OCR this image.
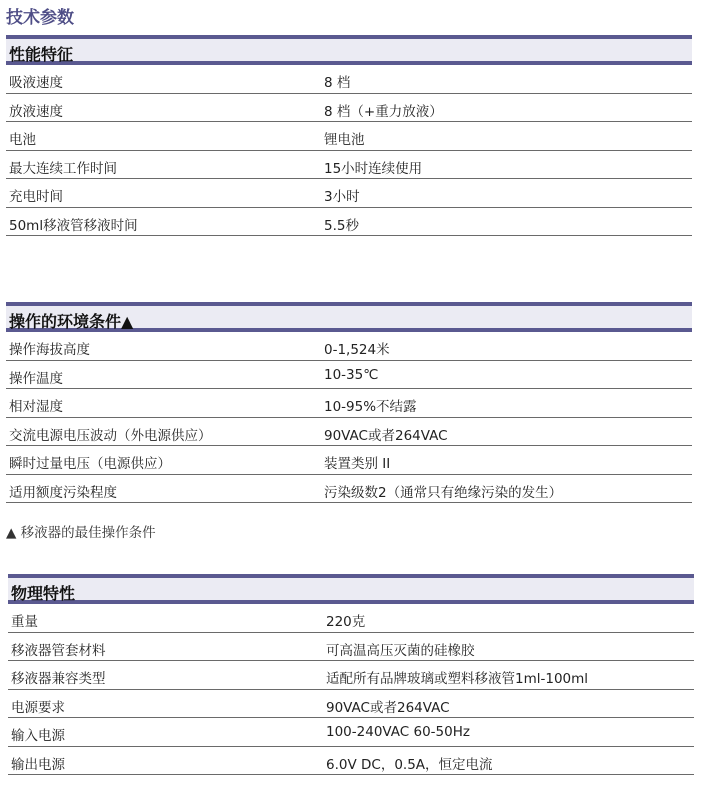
技术参数
性能特征
吸液速度	8 档
放液速度	8 档（+重力放液）
电池	锂电池
最大连续工作时间	15小时连续使用
充电时间	3小时
50ml移液管移液时间	5.5秒
操作的环境条件▲
操作海拔高度	0-1,524米
操作温度	10-35℃
相对湿度	10-95%不结露
交流电源电压波动（外电源供应）	90VAC或者264VAC
瞬时过量电压（电源供应）	装置类别 II
适用额度污染程度	污染级数2（通常只有绝缘污染的发生）
▲ 移液器的最佳操作条件
物理特性
重量	220克
移液器管套材料	可高温高压灭菌的硅橡胶
移液器兼容类型	适配所有品牌玻璃或塑料移液管1ml-100ml
电源要求	90VAC或者264VAC
输入电源	100-240VAC 60-50Hz
输出电源	6.0V DC，0.5A，恒定电流
